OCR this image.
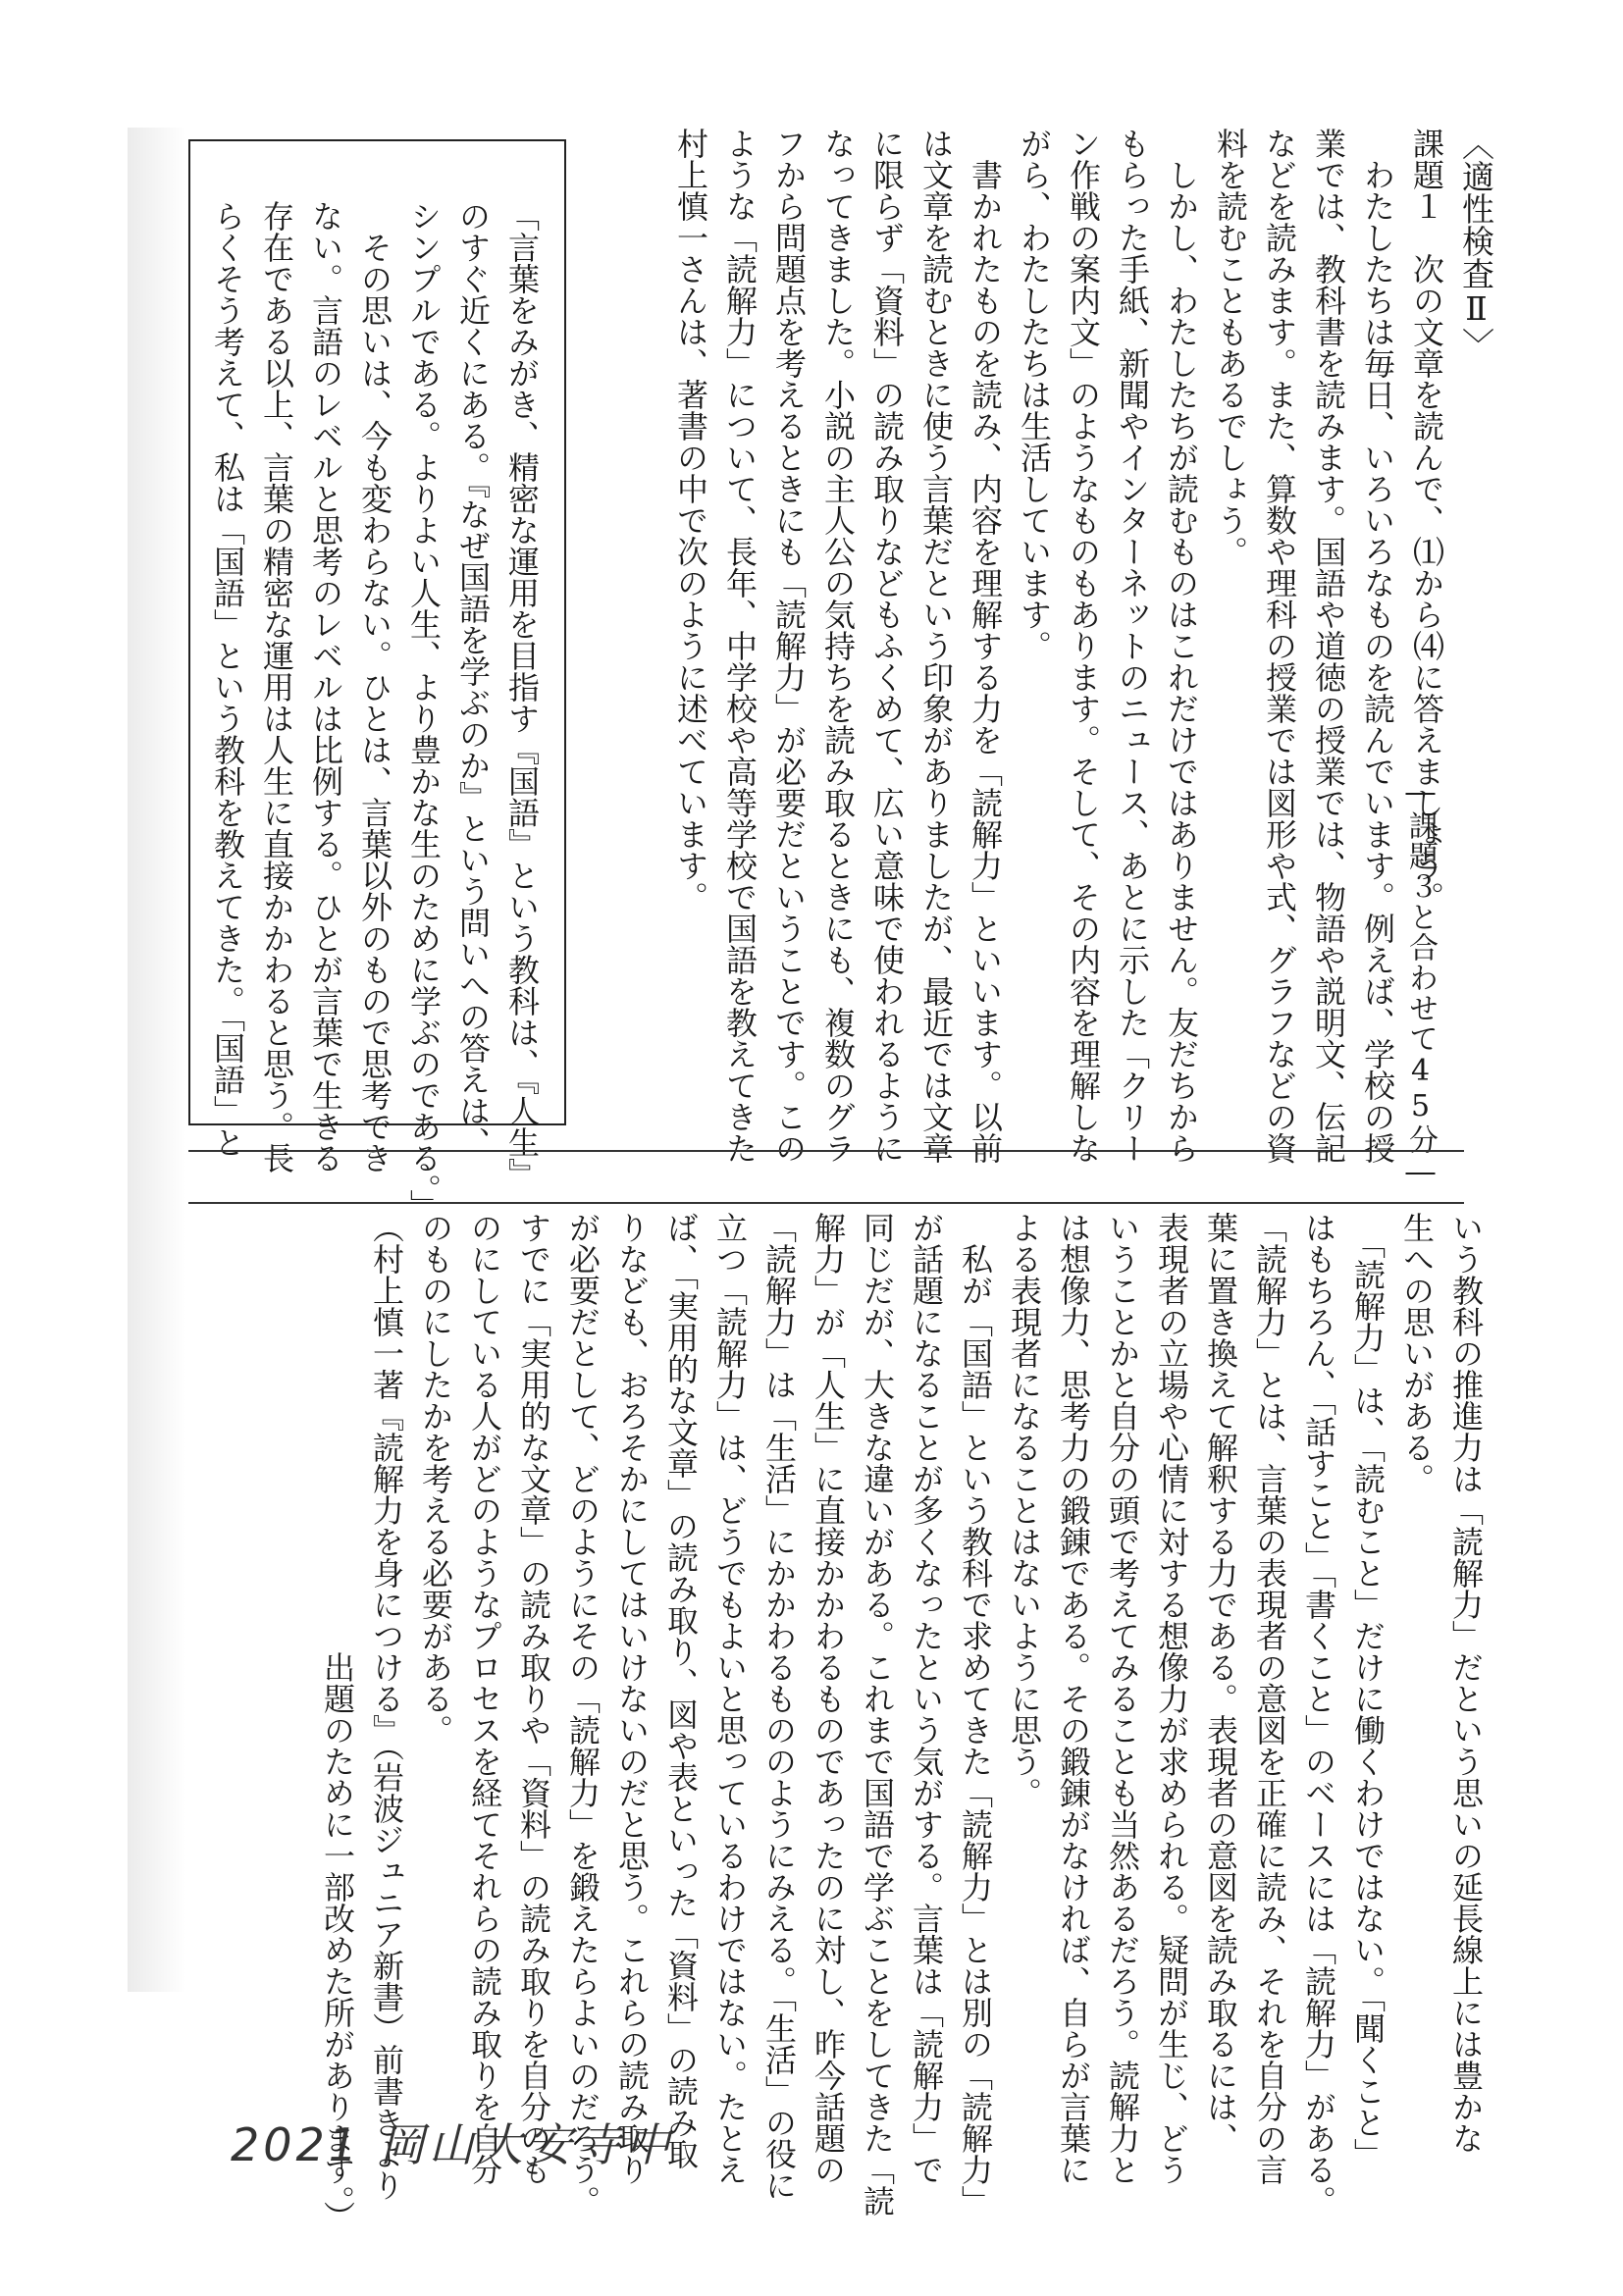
〈適性検査Ⅱ〉
―課題３と合わせて45分―
課題１　次の文章を読んで、⑴から⑷に答えましょう。
　わたしたちは毎日、いろいろなものを読んでいます。例えば、学校の授
業では、教科書を読みます。国語や道徳の授業では、物語や説明文、伝記
などを読みます。また、算数や理科の授業では図形や式、グラフなどの資
料を読むこともあるでしょう。
　しかし、わたしたちが読むものはこれだけではありません。友だちから
もらった手紙、新聞やインターネットのニュース、あとに示した「クリー
ン作戦の案内文」のようなものもあります。そして、その内容を理解しな
がら、わたしたちは生活しています。
　書かれたものを読み、内容を理解する力を「読解力」といいます。以前
は文章を読むときに使う言葉だという印象がありましたが、最近では文章
に限らず「資料」の読み取りなどもふくめて、広い意味で使われるように
なってきました。小説の主人公の気持ちを読み取るときにも、複数のグラ
フから問題点を考えるときにも「読解力」が必要だということです。この
ような「読解力」について、長年、中学校や高等学校で国語を教えてきた
村上慎一さんは、著書の中で次のように述べています。
「言葉をみがき、精密な運用を目指す『国語』という教科は、『人生』
のすぐ近くにある。『なぜ国語を学ぶのか』という問いへの答えは、
シンプルである。よりよい人生、より豊かな生のために学ぶのである。」
　その思いは、今も変わらない。ひとは、言葉以外のもので思考でき
ない。言語のレベルと思考のレベルは比例する。ひとが言葉で生きる
存在である以上、言葉の精密な運用は人生に直接かかわると思う。長
らくそう考えて、私は「国語」という教科を教えてきた。「国語」と
いう教科の推進力は「読解力」だという思いの延長線上には豊かな
生への思いがある。
　「読解力」は、「読むこと」だけに働くわけではない。「聞くこと」
はもちろん、「話すこと」「書くこと」のベースには「読解力」がある。
「読解力」とは、言葉の表現者の意図を正確に読み、それを自分の言
葉に置き換えて解釈する力である。表現者の意図を読み取るには、
表現者の立場や心情に対する想像力が求められる。疑問が生じ、どう
いうことかと自分の頭で考えてみることも当然あるだろう。読解力と
は想像力、思考力の鍛錬である。その鍛錬がなければ、自らが言葉に
よる表現者になることはないように思う。
　私が「国語」という教科で求めてきた「読解力」とは別の「読解力」
が話題になることが多くなったという気がする。言葉は「読解力」で
同じだが、大きな違いがある。これまで国語で学ぶことをしてきた「読
解力」が「人生」に直接かかわるものであったのに対し、昨今話題の
「読解力」は「生活」にかかわるもののようにみえる。「生活」の役に
立つ「読解力」は、どうでもよいと思っているわけではない。たとえ
ば、「実用的な文章」の読み取り、図や表といった「資料」の読み取
りなども、おろそかにしてはいけないのだと思う。これらの読み取り
が必要だとして、どのようにその「読解力」を鍛えたらよいのだろう。
すでに「実用的な文章」の読み取りや「資料」の読み取りを自分のも
のにしている人がどのようなプロセスを経てそれらの読み取りを自分
のものにしたかを考える必要がある。
（村上慎一著『読解力を身につける』（岩波ジュニア新書）前書きより
　　　　　　　　　　　　　　出題のために一部改めた所があります。）
2021 岡山大安寺中
